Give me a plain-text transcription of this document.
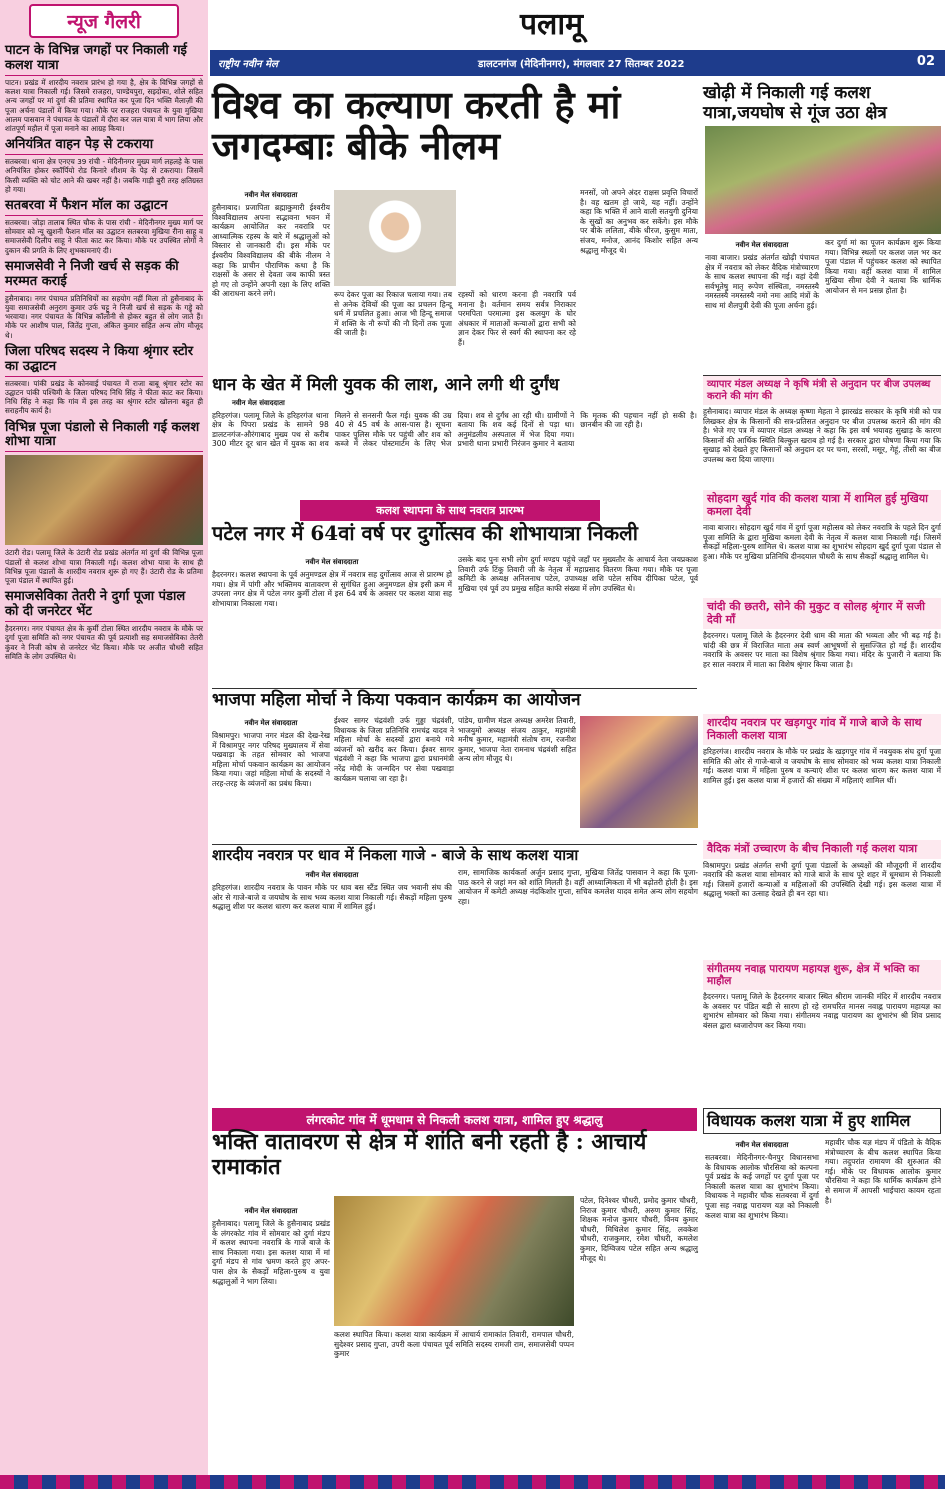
न्यूज गैलरी
पाटन के विभिन्न जगहों पर निकाली गई कलश यात्रा

पाटन। प्रखंड में शारदीय नवरात्र प्रारंभ हो गया है, क्षेत्र के विभिन्न जगहों से कलश यात्रा निकाली गई। जिसमे राजहरा, पाण्डेयपुरा, सइदोका, शोले सहित अन्य जगहों पर मां दुर्गा की प्रतिमा स्थापित कर पूजा दिन भक्ति मैलाज़ी की पूजा अर्चना पंडालों में किया गया। मौके पर राजहरा पंचायत के युवा मुखिया आलम पासवान ने पंचायत के पंडालों में दौरा कर जल यात्रा में भाग लिया और शांतपूर्ण महौल में पूजा मनाने का आग्रह किया।

अनियंत्रित वाहन पेड़ से टकराया

सतबरवा। थाना क्षेत्र एनएच 39 रांची - मेदिनीनगर मुख्य मार्ग लहलहे के पास अनियंत्रित होकर स्कॉर्पियो रोड किनारे शीशम के पेड़ से टकराया। जिसमें किसी व्यक्ति को चोट आने की खबर नहीं है। जबकि गाड़ी बुरी तरह क्षतिग्रस्त हो गया।

सतबरवा में फैशन मॉल का उद्घाटन

सतबरवा। जोड़ा तालाब स्थित चौक के पास रांची - मेदिनीनगर मुख्य मार्ग पर सोमवार को न्यू खुशनी फैशन मॉल का उद्घाटन सतबरवा मुखिया रीना साहू व समाजसेवी दिलीप साहू ने फीता काट कर किया। मौके पर उपस्थित लोगों ने दुकान की प्रगति के लिए शुभकामनाएं दी।

समाजसेवी ने निजी खर्च से सड़क की मरम्मत कराई

हुसैनाबाद। नगर पंचायत प्रतिनिधियों का सहयोग नहीं मिला तो हुसैनाबाद के युवा समाजसेवी अनुराग कुमार उर्फ चट्टू ने निजी खर्च से सड़क के गड्ढे को भरवाया। नगर पंचायत के विभिन्न कॉलोनी से होकर बहुत से लोग जाते हैं। मौके पर आशीष पाल, जितेंद्र गुप्ता, अंकित कुमार सहित अन्य लोग मौजूद थे।

जिला परिषद सदस्य ने किया श्रृंगार स्टोर का उद्घाटन

सतबरवा। पांकी प्रखंड के कोनवाई पंचायत में राजा बाबू श्रृंगार स्टोर का उद्घाटन पांकी पश्चिमी के जिला परिषद निधि सिंह ने फीता काट कर किया। निधि सिंह ने कहा कि गांव में इस तरह का श्रृंगार स्टोर खोलना बहुत ही सराहनीय कार्य है।

विभिन्न पूजा पंडालो से निकाली गई कलश शोभा यात्रा

उंटारी रोड। पलामू जिले के उंटारी रोड प्रखंड अंतर्गत मां दुर्गा की विभिन्न पूजा पंडालों से कलश शोभा यात्रा निकाली गई। कलश शोभा यात्रा के साथ ही विभिन्न पूजा पंडालों के शारदीय नवरात्र शुरू हो गए हैं। उंटारी रोड के प्रतिमा पूजा पंडाल में स्थापित हुई।

समाजसेविका तेतरी ने दुर्गा पूजा पंडाल को दी जनरेटर भेंट

हैदरनगर। नगर पंचायत क्षेत्र के कुर्मी टोला स्थित शारदीय नवरात्र के मौके पर दुर्गा पूजा समिति को नगर पंचायत की पूर्व प्रत्याशी सह समाजसेविका तेतरी कुंवर ने निजी कोष से जनरेटर भेंट किया। मौके पर अजीत चौधरी सहित समिति के लोग उपस्थित थे।

पलामू
राष्ट्रीय नवीन मेल	डालटनगंज (मेदिनीनगर), मंगलवार 27 सितम्बर 2022	02
विश्व का कल्याण करती है मां जगदम्बाः बीके नीलम
नवीन मेल संवाददाता

हुसैनाबाद। प्रजापिता ब्रह्माकुमारी ईश्वरीय विश्वविद्यालय अपना सद्भावना भवन में कार्यक्रम आयोजित कर नवरात्रि पर आध्यात्मिक रहस्य के बारे में श्रद्धालुओं को विस्तार से जानकारी दी। इस मौके पर ईश्वरीय विश्वविद्यालय की बीके नीलम ने कहा कि प्राचीन पौराणिक कथा है कि राक्षसों के असर से देवता जब काफी त्रस्त हो गए तो उन्होंने अपनी रक्षा के लिए शक्ति की आराधना करने लगे।	रूप देकर पूजा का रिकाज चलाया गया। तब से अनेक देवियों की पूजा का प्रचलन हिन्दू धर्म में प्रचलित हुआ। आज भी हिन्दू समाज में शक्ति के नौ रूपों की नौ दिनों तक पूजा की जाती है।

रहस्यों को धारण करना ही नवरात्रि पर्व मनाना है। वर्तमान समय सर्वत्र निराकार परमपिता परमात्मा इस कलयुग के घोर अंधकार में माताओं कन्याओं द्वारा सभी को ज्ञान देकर फिर से स्वर्ग की स्थापना कर रहे हैं।

मनसों, जो अपने अंदर राक्षस प्रवृत्ति विचारों है। वह खतम हो जाये, यह नहीं। उन्होंने कहा कि भक्ति में आने वाली सतयुगी दुनिया के सुखों का अनुभव कर सकेंगे। इस मौके पर बीके ललिता, बीके धीरज, कुसुम माता, संजय, मनोज, आनंद किशोर सहित अन्य श्रद्धालु मौजूद थे।

धान के खेत में मिली युवक की लाश, आने लगी थी दुर्गंध
नवीन मेल संवाददाता

हरिहरगंज। पलामू जिले के हरिहरगंज थाना क्षेत्र के पिपरा प्रखंड के सामने 98 डालटनगंज-औरंगाबाद मुख्य पथ से करीब 300 मीटर दूर धान खेत में युवक का शव मिलने से सनसनी फैल गई। युवक की उम्र 40 से 45 वर्ष के आस-पास है। सूचना पाकर पुलिस मौके पर पहुंची और शव को कब्जे में लेकर पोस्टमार्टम के लिए भेज दिया। शव से दुर्गंध आ रही थी। ग्रामीणों ने बताया कि शव कई दिनों से पड़ा था। अनुमंडलीय अस्पताल में भेज दिया गया। प्रभारी थाना प्रभारी निरंजन कुमार ने बताया कि मृतक की पहचान नहीं हो सकी है। छानबीन की जा रही है।

खोढ़ी में निकाली गई कलश यात्रा,जयघोष से गूंज उठा क्षेत्र
नवीन मेल संवाददाता

नावा बाजार। प्रखंड अंतर्गत खोढ़ी पंचायत क्षेत्र में नवरात्र को लेकर वैदिक मंत्रोच्चारण के साथ कलश स्थापना की गई। वहां देवी सर्वभूतेषु मातृ रूपेण संस्थिता, नमस्तस्यै नमस्तस्यै नमस्तस्यै नमो नमः आदि मंत्रों के साथ मां शैलपुत्री देवी की पूजा अर्चना हुई।

कर दुर्गा मां का पूजन कार्यक्रम शुरू किया गया। विभिन्न स्थलों पर कलश जल भर कर पूजा पंडाल में पहुंचकर कलश को स्थापित किया गया। वहीं कलश यात्रा में शामिल मुखिया सीमा देवी ने बताया कि धार्मिक आयोजन से मन प्रसन्न होता है।

व्यापार मंडल अध्यक्ष ने कृषि मंत्री से अनुदान पर बीज उपलब्ध कराने की मांग की

हुसैनाबाद। व्यापार मंडल के अध्यक्ष कृष्णा मेहता ने झारखंड सरकार के कृषि मंत्री को पत्र लिखकर क्षेत्र के किसानों की सत्र-प्रतिसत अनुदान पर बीज उपलब्ध कराने की मांग की है। भेजे गए पत्र में व्यापार मंडल अध्यक्ष ने कहा कि इस वर्ष भयावह सुखाड़ के कारण किसानों की आर्थिक स्थिति बिल्कुल खराब हो गई है। सरकार द्वारा घोषणा किया गया कि सुखाड़ को देखते हुए किसानों को अनुदान दर पर चना, सरसों, मसूर, गेहूं, तीसी का बीज उपलब्ध करा दिया जाएगा।

सोहदाग खुर्द गांव की कलश यात्रा में शामिल हुई मुखिया कमला देवी

नावा बाजार। सोहदाग खुर्द गांव में दुर्गा पूजा महोत्सव को लेकर नवरात्रि के पहले दिन दुर्गा पूजा समिति के द्वारा मुखिया कमला देवी के नेतृत्व में कलश यात्रा निकाली गई। जिसमें सैकड़ों महिला-पुरुष शामिल थे। कलश यात्रा का शुभारंभ सोहदाग खुर्द दुर्गा पूजा पंडाल से हुआ। मौके पर मुखिया प्रतिनिधि दीनदयाल चौधरी के साथ सैकड़ों श्रद्धालु शामिल थे।

चांदी की छतरी, सोने की मुकुट व सोलह श्रृंगार में सजी देवी माँ

हैदरनगर। पलामू जिले के हैदरनगर देवी धाम की माता की भव्यता और भी बढ़ गई है। चांदी की छत्र में विराजित माता अब स्वर्ण आभूषणों से सुसज्जित हो गई हैं। शारदीय नवरात्रि के अवसर पर माता का विशेष श्रृंगार किया गया। मंदिर के पुजारी ने बताया कि हर साल नवरात्र में माता का विशेष श्रृंगार किया जाता है।

शारदीय नवरात्र पर खड़गपुर गांव में गाजे बाजे के साथ निकाली कलश यात्रा

हरिहरगंज। शारदीय नवरात्र के मौके पर प्रखंड के खड़गपुर गांव में नवयुवक संघ दुर्गा पूजा समिति की ओर से गाजे-बाजे व जयघोष के साथ सोमवार को भव्य कलश यात्रा निकाली गई। कलश यात्रा में महिला पुरुष व कन्याएं शीश पर कलश धारण कर कलश यात्रा में शामिल हुई। इस कलश यात्रा में हजारों की संख्या में महिलाएं शामिल थीं।

वैदिक मंत्रों उच्चारण के बीच निकाली गई कलश यात्रा

विश्रामपुर। प्रखंड अंतर्गत सभी दुर्गा पूजा पंडालों के अध्यक्षों की मौजूदगी में शारदीय नवरात्रि की कलश यात्रा सोमवार को गाजे बाजे के साथ पूरे शहर में धूमधाम से निकाली गई। जिसमें हजारों कन्याओं व महिलाओं की उपस्थिति देखी गई। इस कलश यात्रा में श्रद्धालु भक्तों का उत्साह देखते ही बन रहा था।

संगीतमय नवाह्न पारायण महायज्ञ शुरू, क्षेत्र में भक्ति का माहौल

हैदरनगर। पलामू जिले के हैदरनगर बाजार स्थित श्रीराम जानकी मंदिर में शारदीय नवरात्र के अवसर पर पंडित बड़ी से सारण हो रहे रामचरित मानस नवाह्न पारायण महायज्ञ का शुभारंभ सोमवार को किया गया। संगीतमय नवाह्न पारायण का शुभारंभ श्री शिव प्रसाद बंसल द्वारा ध्वजारोपण कर किया गया।

कलश स्थापना के साथ नवरात्र प्रारम्भ
पटेल नगर में 64वां वर्ष पर दुर्गोत्सव की शोभायात्रा निकली
नवीन मेल संवाददाता

हैदरनगर। कलश स्थापना के पूर्व अनुमण्डल क्षेत्र में नवरात्र सह दुर्गोत्सव आज से प्रारम्भ हो गया। क्षेत्र में पांगी और भक्तिमय वातावरण से सुगंधित हुआ अनुमण्डल क्षेत्र इसी क्रम में उपरला नगर क्षेत्र में पटेल नगर कुर्मी टोला में इस 64 वर्ष के अवसर पर कलश यात्रा सह शोभायात्रा निकाला गया।

उसके बाद पुनः सभी लोग दुर्गा मण्डप पहुंचे जहाँ पर मुख्यतौर के आचार्य नेता जयप्रकाश तिवारी उर्फ टिंकू तिवारी जी के नेतृत्व में महाप्रसाद वितरण किया गया। मौके पर पूजा कमिटी के अध्यक्ष अनिलनाथ पटेल, उपाध्यक्ष शशि पटेल सचिव दीपिका पटेल, पूर्व मुखिया एवं पूर्व उप प्रमुख सहित काफी संख्या में लोग उपस्थित थे।

भाजपा महिला मोर्चा ने किया पकवान कार्यक्रम का आयोजन
नवीन मेल संवाददाता

विश्रामपुर। भाजपा नगर मंडल की देख-रेख में विश्रामपुर नगर परिषद मुख्यालय में सेवा पखवाड़ा के तहत सोमवार को भाजपा महिला मोर्चा पकवान कार्यक्रम का आयोजन किया गया। जहां महिला मोर्चा के सदस्यों ने तरह-तरह के व्यंजनों का प्रबंध किया।

ईश्वर सागर चंद्रवंशी उर्फ गुड्डा चंद्रवंशी, विधायक के जिला प्रतिनिधि रामचंद्र यादव ने महिला मोर्चा के सदस्यों द्वारा बनाये गये व्यंजनों को खरीद कर किया। ईश्वर सागर चंद्रवंशी ने कहा कि भाजपा द्वारा प्रधानमंत्री नरेंद्र मोदी के जन्मदिन पर सेवा पखवाड़ा कार्यक्रम चलाया जा रहा है।

पांडेय, ग्रामीण मंडल अध्यक्ष अमरेश तिवारी, भाजयुमो अध्यक्ष संजय ठाकुर, महामंत्री मनीष कुमार, महामंत्री संतोष राम, रजनीश कुमार, भाजपा नेता रामनाथ चंद्रवंशी सहित अन्य लोग मौजूद थे।

शारदीय नवरात्र पर धाव में निकला गाजे - बाजे के साथ कलश यात्रा
नवीन मेल संवाददाता

हरिहरगंज। शारदीय नवरात्र के पावन मौके पर धाव बस स्टैंड स्थित जय भवानी संघ की ओर से गाजे-बाजे व जयघोष के साथ भव्य कलश यात्रा निकाली गई। सैकड़ों महिला पुरुष श्रद्धालु शीश पर कलश धारण कर कलश यात्रा में शामिल हुई।

राम, सामाजिक कार्यकर्ता अर्जुन प्रसाद गुप्ता, मुखिया जितेंद्र पासवान ने कहा कि पूजा-पाठ करने से जहां मन को शांति मिलती है। वहीं आध्यात्मिकता में भी बढ़ोतरी होती है। इस आयोजन में कमेटी अध्यक्ष नंदकिशोर गुप्ता, सचिव कमलेश यादव समेत अन्य लोग सहयोग रहा।

लंगरकोट गांव में धूमधाम से निकली कलश यात्रा, शामिल हुए श्रद्धालु
भक्ति वातावरण से क्षेत्र में शांति बनी रहती है : आचार्य रामाकांत
नवीन मेल संवाददाता

हुसैनाबाद। पलामू जिले के हुसैनाबाद प्रखंड के लंगरकोट गांव में सोमवार को दुर्गा मंडप में कलश स्थापना नवरात्रि के गाजे बाजे के साथ निकाला गया। इस कलश यात्रा में मां दुर्गा मंडप से गांव भ्रमण करते हुए अपर-पास क्षेत्र के सैकड़ों महिला-पुरुष व युवा श्रद्धालुओं ने भाग लिया।

कलश स्थापित किया। कलश यात्रा कार्यक्रम में आचार्य रामाकांत तिवारी, रामपाल चौधरी, सुदेश्वर प्रसाद गुप्ता, उपरी कला पंचायत पूर्व समिति सदस्य रामजी राम, समाजसेवी पप्पन कुमार

पटेल, दिनेश्वर चौधरी, प्रमोद कुमार चौधरी, निराज कुमार चौधरी, अरुण कुमार सिंह, शिक्षक मनोज कुमार चौधरी, विनय कुमार चौधरी, मिथिलेश कुमार सिंह, लवकेश चौधरी, राजकुमार, रमेश चौधरी, कमलेश कुमार, दिग्विजय पटेल सहित अन्य श्रद्धालु मौजूद थे।

विधायक कलश यात्रा में हुए शामिल
नवीन मेल संवाददाता

सतबरवा। मेदिनीनगर-चैनपुर विधानसभा के विधायक आलोक चौरसिया को कल्पना पूर्व प्रखंड के कई जगहों पर दुर्गा पूजा पर निकाली कलश यात्रा का शुभारंभ किया। विधायक ने महावीर चौक सतबरवा में दुर्गा पूजा सह नवाह्न पारायण यज्ञ को निकाली कलश यात्रा का शुभारंभ किया।

महावीर चौक यज्ञ मंडप में पंडितो के वैदिक मंत्रोच्चारण के बीच कलश स्थापित किया गया। तदुपरांत रामायण की शुरुआत की गई। मौके पर विधायक आलोक कुमार चौरसिया ने कहा कि धार्मिक कार्यक्रम होने से समाज में आपसी भाईचारा कायम रहता है।
